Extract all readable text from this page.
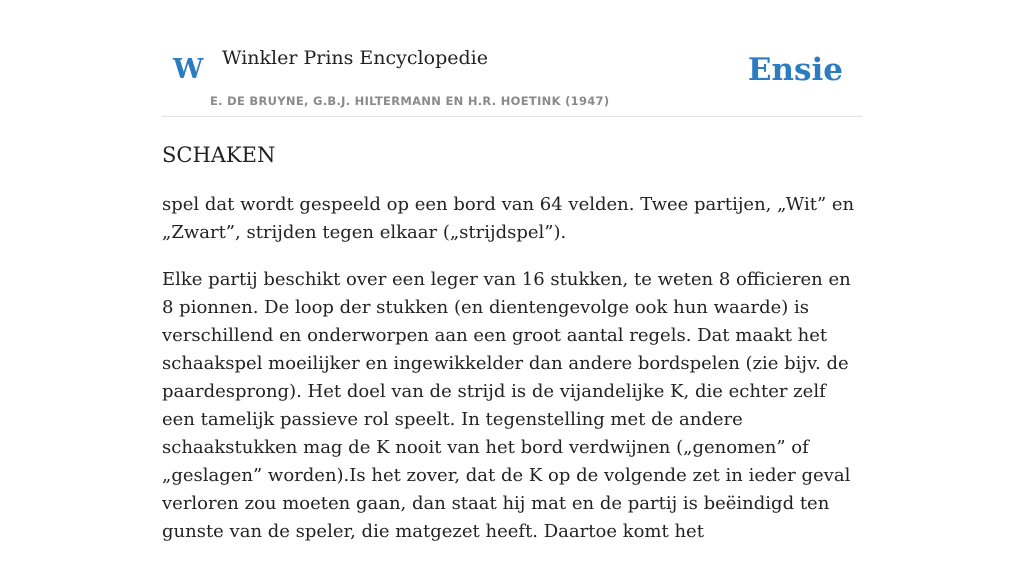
W Winkler Prins Encyclopedie
E. DE BRUYNE, G.B.J. HILTERMANN EN H.R. HOETINK (1947)
Ensie
SCHAKEN

spel dat wordt gespeeld op een bord van 64 velden. Twee partijen, „Wit” en „Zwart”, strijden tegen elkaar („strijdspel”).

Elke partij beschikt over een leger van 16 stukken, te weten 8 officieren en 8 pionnen. De loop der stukken (en dientengevolge ook hun waarde) is verschillend en onderworpen aan een groot aantal regels. Dat maakt het schaakspel moeilijker en ingewikkelder dan andere bordspelen (zie bijv. de paardesprong). Het doel van de strijd is de vijandelijke K, die echter zelf een tamelijk passieve rol speelt. In tegenstelling met de andere schaakstukken mag de K nooit van het bord verdwijnen („genomen” of „geslagen” worden).Is het zover, dat de K op de volgende zet in ieder geval verloren zou moeten gaan, dan staat hij mat en de partij is beëindigd ten gunste van de speler, die matgezet heeft. Daartoe komt het
